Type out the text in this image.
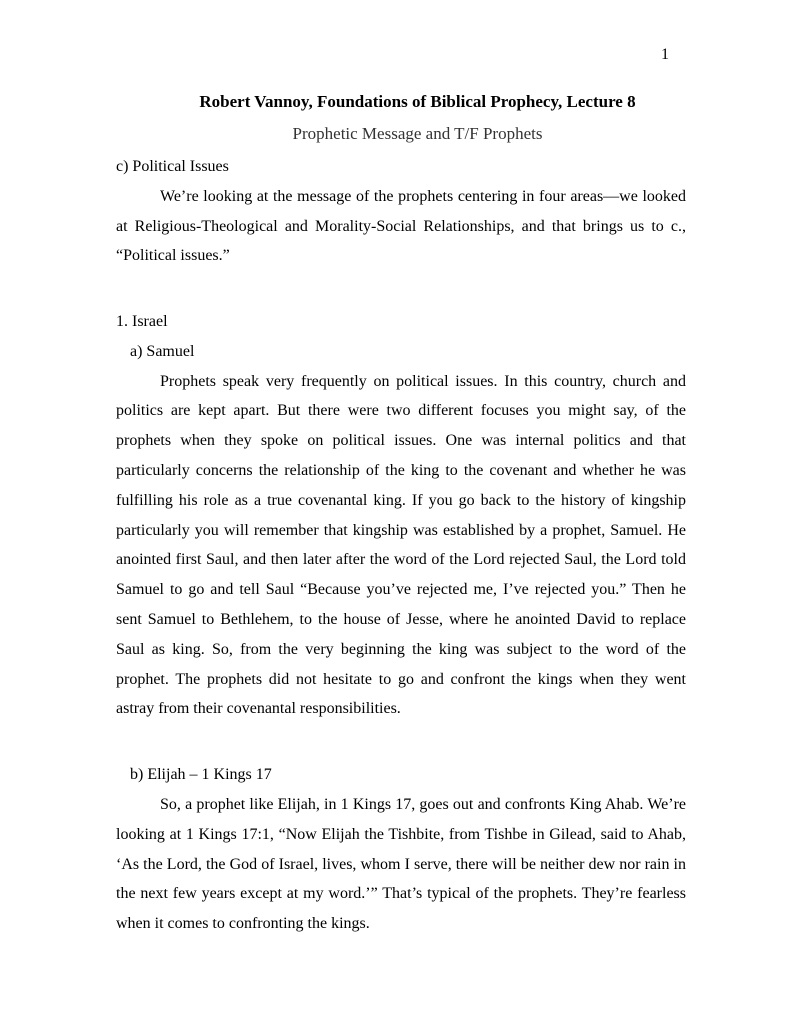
1
Robert Vannoy, Foundations of Biblical Prophecy, Lecture 8
Prophetic Message and T/F Prophets

c) Political Issues

We’re looking at the message of the prophets centering in four areas—we looked at Religious-Theological and Morality-Social Relationships, and that brings us to c., “Political issues.”

1. Israel

a) Samuel

Prophets speak very frequently on political issues. In this country, church and politics are kept apart. But there were two different focuses you might say, of the prophets when they spoke on political issues. One was internal politics and that particularly concerns the relationship of the king to the covenant and whether he was fulfilling his role as a true covenantal king. If you go back to the history of kingship particularly you will remember that kingship was established by a prophet, Samuel. He anointed first Saul, and then later after the word of the Lord rejected Saul, the Lord told Samuel to go and tell Saul “Because you’ve rejected me, I’ve rejected you.” Then he sent Samuel to Bethlehem, to the house of Jesse, where he anointed David to replace Saul as king. So, from the very beginning the king was subject to the word of the prophet. The prophets did not hesitate to go and confront the kings when they went astray from their covenantal responsibilities.

b) Elijah – 1 Kings 17

So, a prophet like Elijah, in 1 Kings 17, goes out and confronts King Ahab. We’re looking at 1 Kings 17:1, “Now Elijah the Tishbite, from Tishbe in Gilead, said to Ahab, ‘As the Lord, the God of Israel, lives, whom I serve, there will be neither dew nor rain in the next few years except at my word.’” That’s typical of the prophets. They’re fearless when it comes to confronting the kings.
